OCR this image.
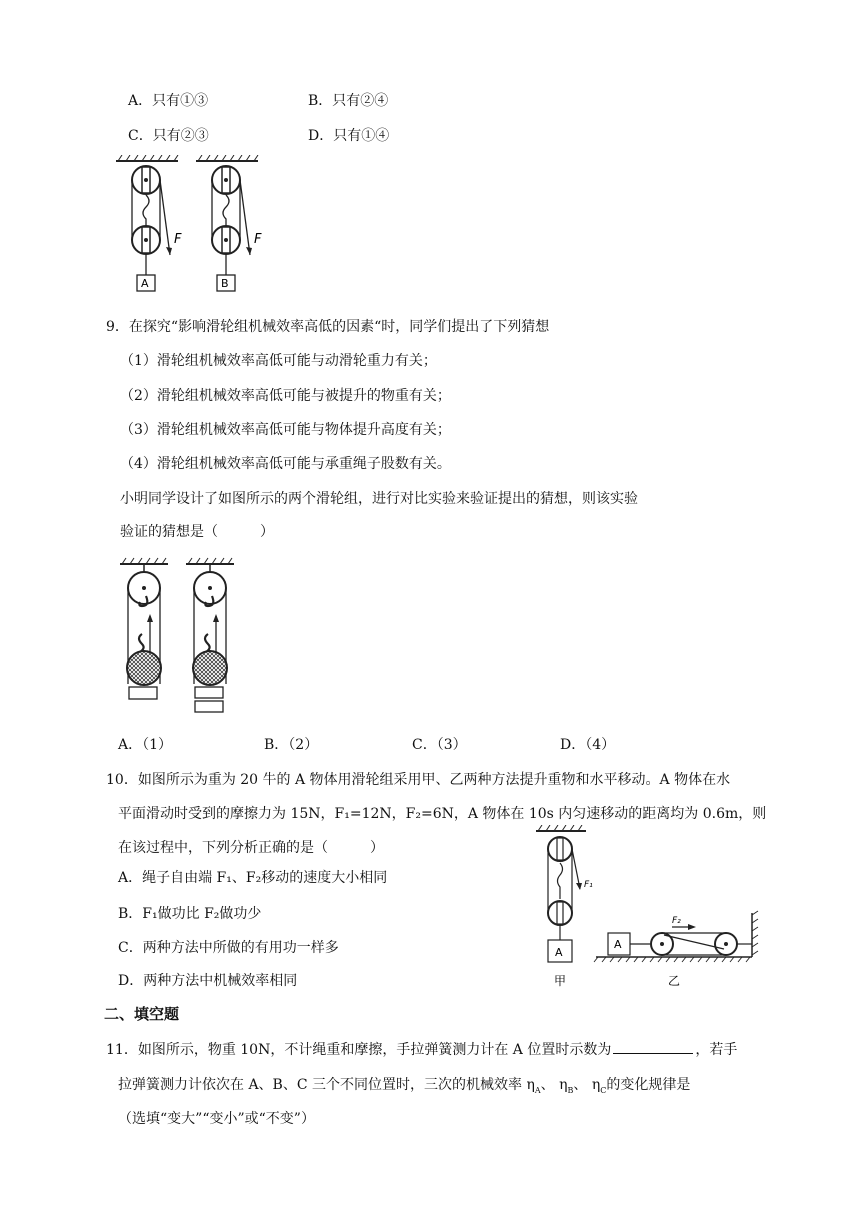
A．只有①③	B．只有②④
C．只有②③	D．只有①④
F
A
F
B
9．在探究“影响滑轮组机械效率高低的因素“时，同学们提出了下列猜想
（1）滑轮组机械效率高低可能与动滑轮重力有关；
（2）滑轮组机械效率高低可能与被提升的物重有关；
（3）滑轮组机械效率高低可能与物体提升高度有关；
（4）滑轮组机械效率高低可能与承重绳子股数有关。
小明同学设计了如图所示的两个滑轮组，进行对比实验来验证提出的猜想，则该实验
验证的猜想是（　　　）
A．（1）	B．（2）	C．（3）	D．（4）
10．如图所示为重为 20 牛的 A 物体用滑轮组采用甲、乙两种方法提升重物和水平移动。A 物体在水
平面滑动时受到的摩擦力为 15N，F₁=12N，F₂=6N，A 物体在 10s 内匀速移动的距离均为 0.6m，则
在该过程中，下列分析正确的是（　　　）
A．绳子自由端 F₁、F₂移动的速度大小相同
B．F₁做功比 F₂做功少
C．两种方法中所做的有用功一样多
D．两种方法中机械效率相同
F₁
A
甲
A
F₂
乙
二、填空题
11．如图所示，物重 10N，不计绳重和摩擦，手拉弹簧测力计在 A 位置时示数为	，若手
拉弹簧测力计依次在 A、B、C 三个不同位置时，三次的机械效率 $\eta_A$、 $\eta_B$、 $\eta_C$的变化规律是
（选填“变大”“变小”或“不变”）
